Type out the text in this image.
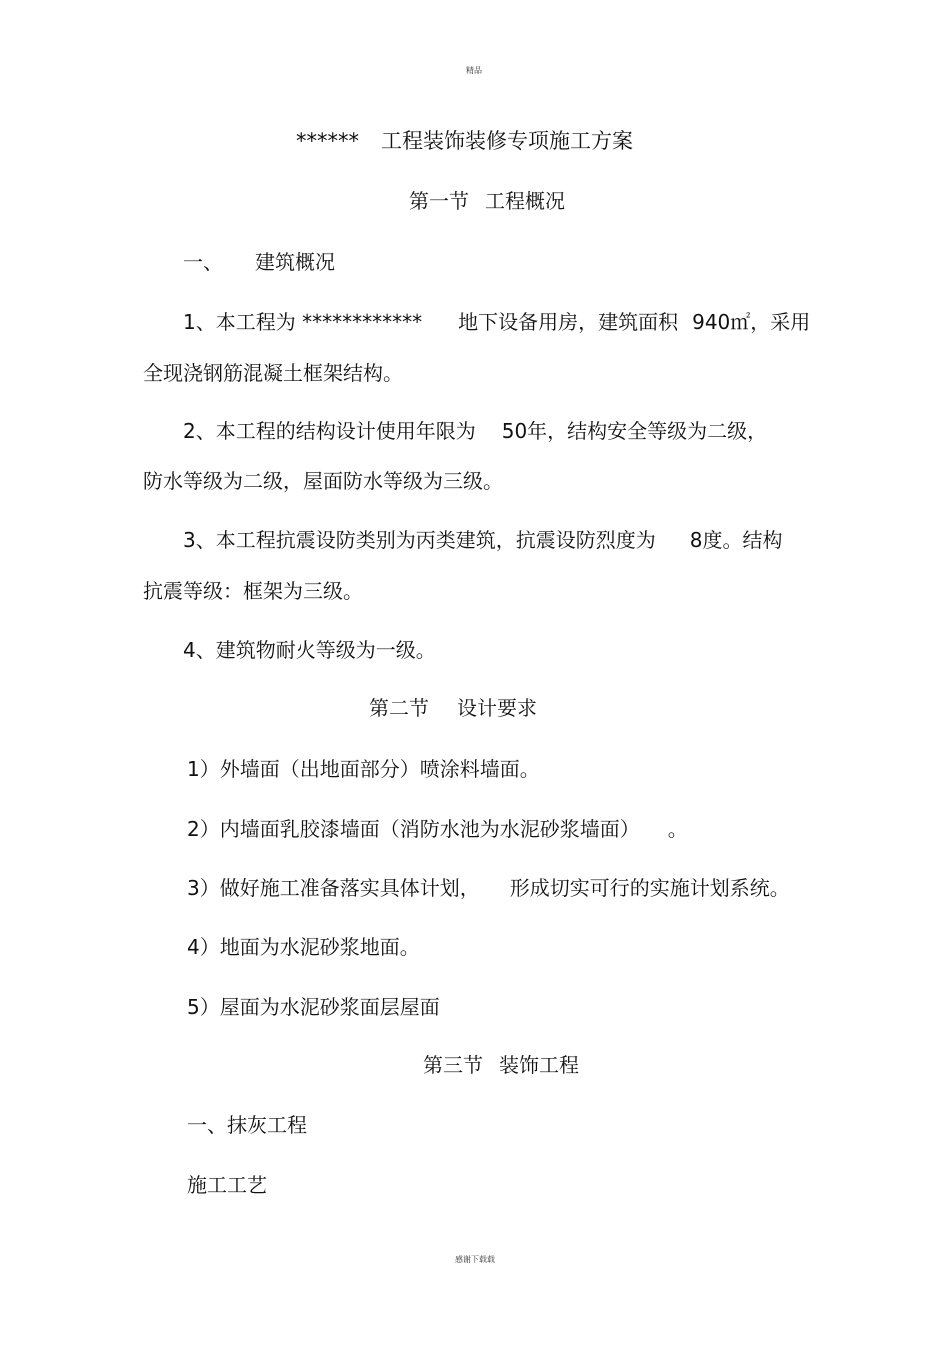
精品
****** 工程装饰装修专项施工方案
第一节 工程概况
一、 建筑概况
1、本工程为 ************ 地下设备用房，建筑面积 940㎡，采用
全现浇钢筋混凝土框架结构。
2、本工程的结构设计使用年限为 50年，结构安全等级为二级，
防水等级为二级，屋面防水等级为三级。
3、本工程抗震设防类别为丙类建筑，抗震设防烈度为 8度。结构
抗震等级：框架为三级。
4、建筑物耐火等级为一级。
第二节 设计要求
1）外墙面（出地面部分）喷涂料墙面。
2）内墙面乳胶漆墙面（消防水池为水泥砂浆墙面） 。
3）做好施工准备落实具体计划， 形成切实可行的实施计划系统。
4）地面为水泥砂浆地面。
5）屋面为水泥砂浆面层屋面
第三节 装饰工程
一、抹灰工程
施工工艺
感谢下载载
